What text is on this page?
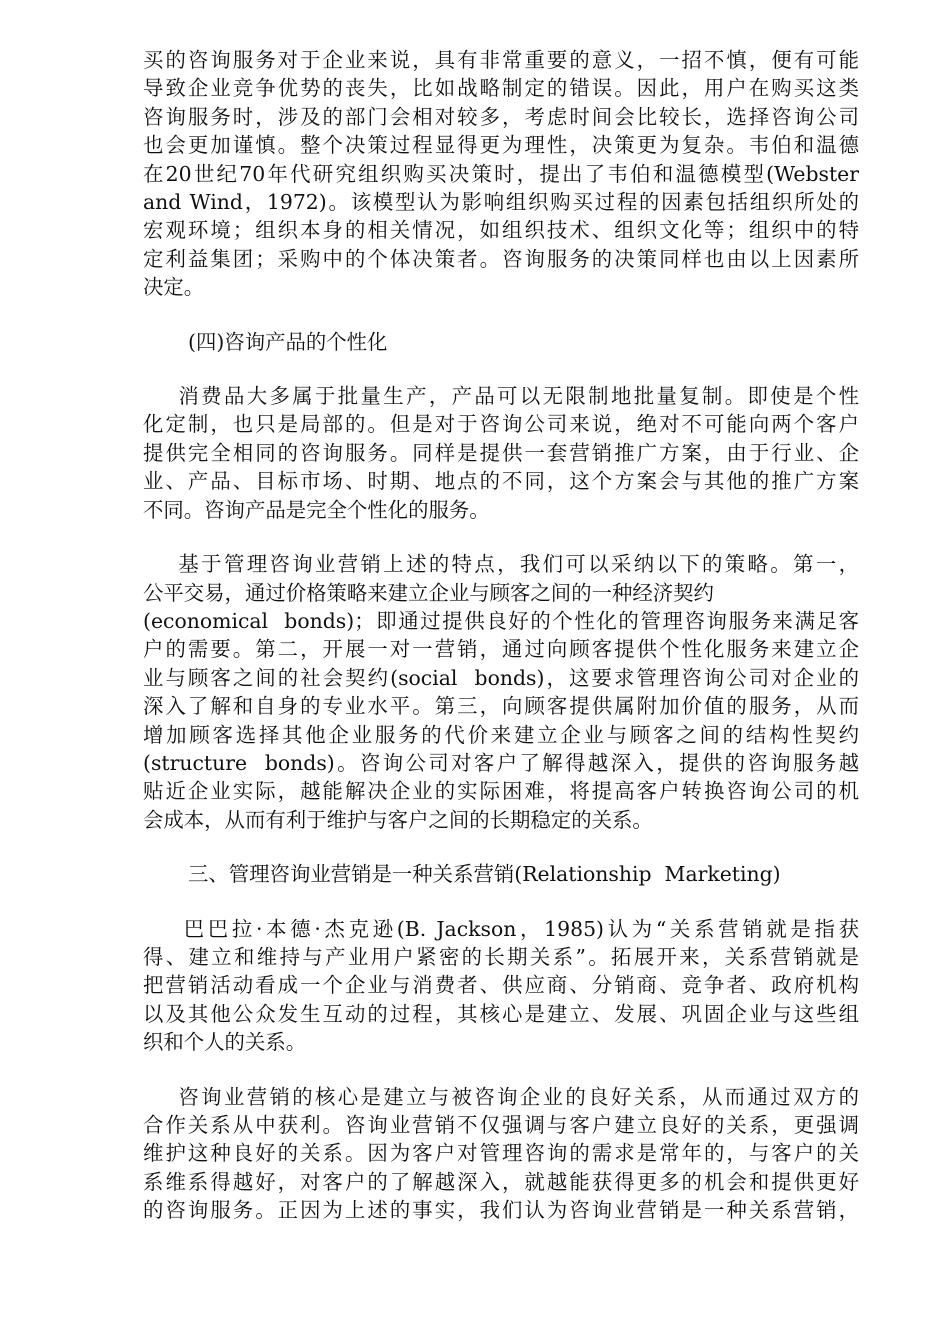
买的咨询服务对于企业来说，具有非常重要的意义，一招不慎，便有可能
导致企业竞争优势的丧失，比如战略制定的错误。因此，用户在购买这类
咨询服务时，涉及的部门会相对较多，考虑时间会比较长，选择咨询公司
也会更加谨慎。整个决策过程显得更为理性，决策更为复杂。韦伯和温德
在20世纪70年代研究组织购买决策时，提出了韦伯和温德模型(Webster
and Wind，1972)。该模型认为影响组织购买过程的因素包括组织所处的
宏观环境；组织本身的相关情况，如组织技术、组织文化等；组织中的特
定利益集团；采购中的个体决策者。咨询服务的决策同样也由以上因素所
决定。

(四)咨询产品的个性化

消费品大多属于批量生产，产品可以无限制地批量复制。即使是个性
化定制，也只是局部的。但是对于咨询公司来说，绝对不可能向两个客户
提供完全相同的咨询服务。同样是提供一套营销推广方案，由于行业、企
业、产品、目标市场、时期、地点的不同，这个方案会与其他的推广方案
不同。咨询产品是完全个性化的服务。
基于管理咨询业营销上述的特点，我们可以采纳以下的策略。第一，
公平交易，通过价格策略来建立企业与顾客之间的一种经济契约
(economical  bonds)；即通过提供良好的个性化的管理咨询服务来满足客
户的需要。第二，开展一对一营销，通过向顾客提供个性化服务来建立企
业与顾客之间的社会契约(social  bonds)，这要求管理咨询公司对企业的
深入了解和自身的专业水平。第三，向顾客提供属附加价值的服务，从而
增加顾客选择其他企业服务的代价来建立企业与顾客之间的结构性契约
(structure  bonds)。咨询公司对客户了解得越深入，提供的咨询服务越
贴近企业实际，越能解决企业的实际困难，将提高客户转换咨询公司的机
会成本，从而有利于维护与客户之间的长期稳定的关系。

三、管理咨询业营销是一种关系营销(Relationship  Marketing)

巴巴拉·本德·杰克逊(B. Jackson，1985)认为“关系营销就是指获
得、建立和维持与产业用户紧密的长期关系”。拓展开来，关系营销就是
把营销活动看成一个企业与消费者、供应商、分销商、竞争者、政府机构
以及其他公众发生互动的过程，其核心是建立、发展、巩固企业与这些组
织和个人的关系。
咨询业营销的核心是建立与被咨询企业的良好关系，从而通过双方的
合作关系从中获利。咨询业营销不仅强调与客户建立良好的关系，更强调
维护这种良好的关系。因为客户对管理咨询的需求是常年的，与客户的关
系维系得越好，对客户的了解越深入，就越能获得更多的机会和提供更好
的咨询服务。正因为上述的事实，我们认为咨询业营销是一种关系营销，
